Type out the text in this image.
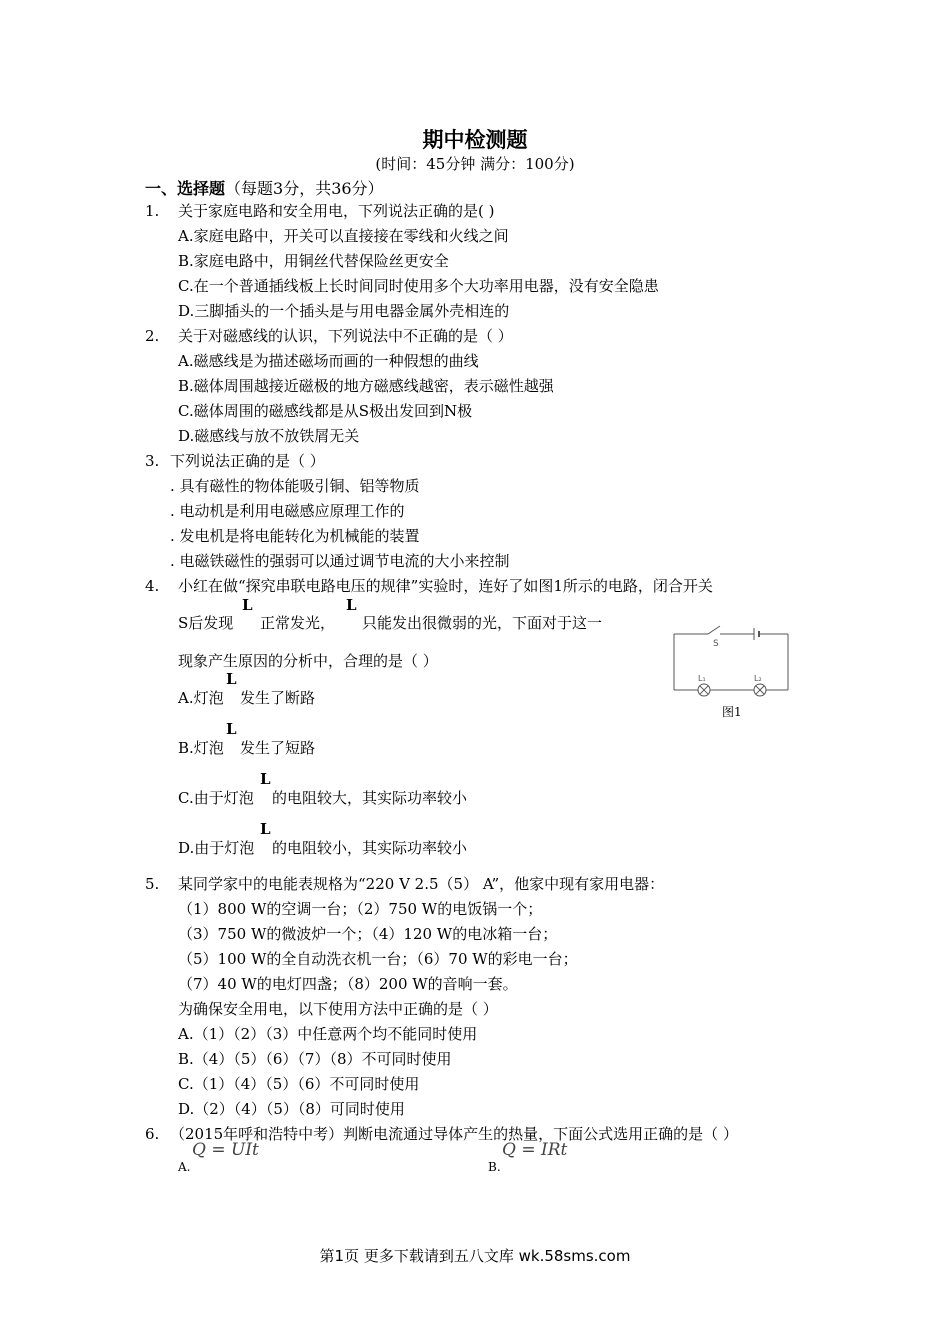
期中检测题
(时间：45分钟 满分：100分)
一、选择题（每题3分，共36分）
1. 关于家庭电路和安全用电，下列说法正确的是( )
A.家庭电路中，开关可以直接接在零线和火线之间
B.家庭电路中，用铜丝代替保险丝更安全
C.在一个普通插线板上长时间同时使用多个大功率用电器，没有安全隐患
D.三脚插头的一个插头是与用电器金属外壳相连的
2. 关于对磁感线的认识，下列说法中不正确的是（ ）
A.磁感线是为描述磁场而画的一种假想的曲线
B.磁体周围越接近磁极的地方磁感线越密，表示磁性越强
C.磁体周围的磁感线都是从S极出发回到N极
D.磁感线与放不放铁屑无关
3. 下列说法正确的是（ ）
. 具有磁性的物体能吸引铜、铝等物质
. 电动机是利用电磁感应原理工作的
. 发电机是将电能转化为机械能的装置
. 电磁铁磁性的强弱可以通过调节电流的大小来控制
4. 小红在做“探究串联电路电压的规律”实验时，连好了如图1所示的电路，闭合开关
L	L
S后发现 正常发光， 只能发出很微弱的光，下面对于这一
现象产生原因的分析中，合理的是（ ）
L
A.灯泡 发生了断路
L
B.灯泡 发生了短路
L
C.由于灯泡 的电阻较大，其实际功率较小
L
D.由于灯泡 的电阻较小，其实际功率较小
S
L₁	L₂
图1
5. 某同学家中的电能表规格为“220 V 2.5（5） A”，他家中现有家用电器：
（1）800 W的空调一台；（2）750 W的电饭锅一个；
（3）750 W的微波炉一个；（4）120 W的电冰箱一台；
（5）100 W的全自动洗衣机一台；（6）70 W的彩电一台；
（7）40 W的电灯四盏；（8）200 W的音响一套。
为确保安全用电，以下使用方法中正确的是（ ）
A.（1）（2）（3）中任意两个均不能同时使用
B.（4）（5）（6）（7）（8）不可同时使用
C.（1）（4）（5）（6）不可同时使用
D.（2）（4）（5）（8）可同时使用
6. （2015年呼和浩特中考）判断电流通过导体产生的热量，下面公式选用正确的是（ ）
Q = UIt
A.
Q = IRt
B.
第1页 更多下载请到五八文库 wk.58sms.com
